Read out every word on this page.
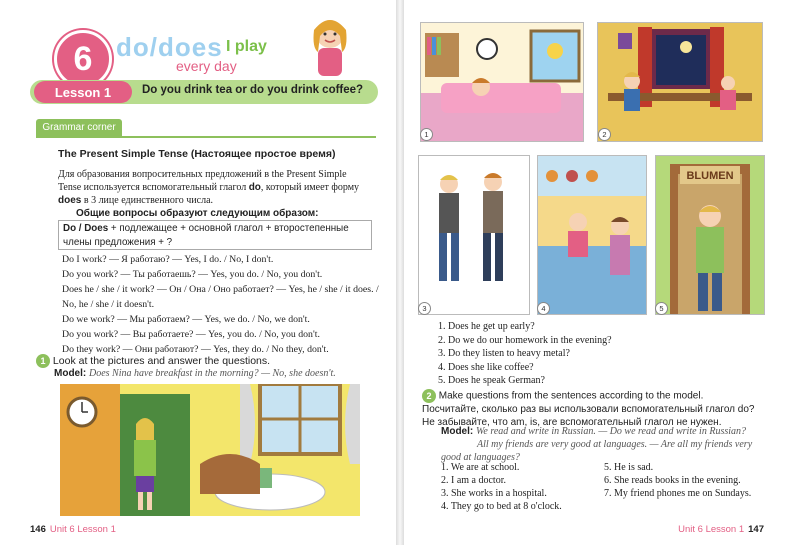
6 do/does I play
every day
Lesson 1	Do you drink tea or do you drink coffee?
Grammar corner
The Present Simple Tense (Настоящее простое время)
Для образования вопросительных предложений в the Present Simple Tense используется вспомогательный глагол do, который имеет форму does в 3 лице единственного числа.
Общие вопросы образуют следующим образом:
Do / Does + подлежащее + основной глагол + второстепенные члены предложения + ?
Do I work? — Я работаю? — Yes, I do. / No, I don't.
Do you work? — Ты работаешь? — Yes, you do. / No, you don't.
Does he / she / it work? — Он / Она / Оно работает? — Yes, he / she / it does. /
No, he / she / it doesn't.
Do we work? — Мы работаем? — Yes, we do. / No, we don't.
Do you work? — Вы работаете? — Yes, you do. / No, you don't.
Do they work? — Они работают? — Yes, they do. / No they, don't.
1 Look at the pictures and answer the questions.
Model: Does Nina have breakfast in the morning? — No, she doesn't.
1	2
3	4
BLUMEN
5
1. Does he get up early?
2. Do we do our homework in the evening?
3. Do they listen to heavy metal?
4. Does she like coffee?
5. Does he speak German?
2 Make questions from the sentences according to the model. Посчитайте, сколько раз вы использовали вспомогательный глагол do? Не забывайте, что am, is, are вспомогательный глагол не нужен.
Model: We read and write in Russian. — Do we read and write in Russian?
All my friends are very good at languages. — Are all my friends very good at languages?
1. We are at school.
2. I am a doctor.
3. She works in a hospital.
4. They go to bed at 8 o'clock.
5. He is sad.
6. She reads books in the evening.
7. My friend phones me on Sundays.
146 Unit 6 Lesson 1	Unit 6 Lesson 1 147
